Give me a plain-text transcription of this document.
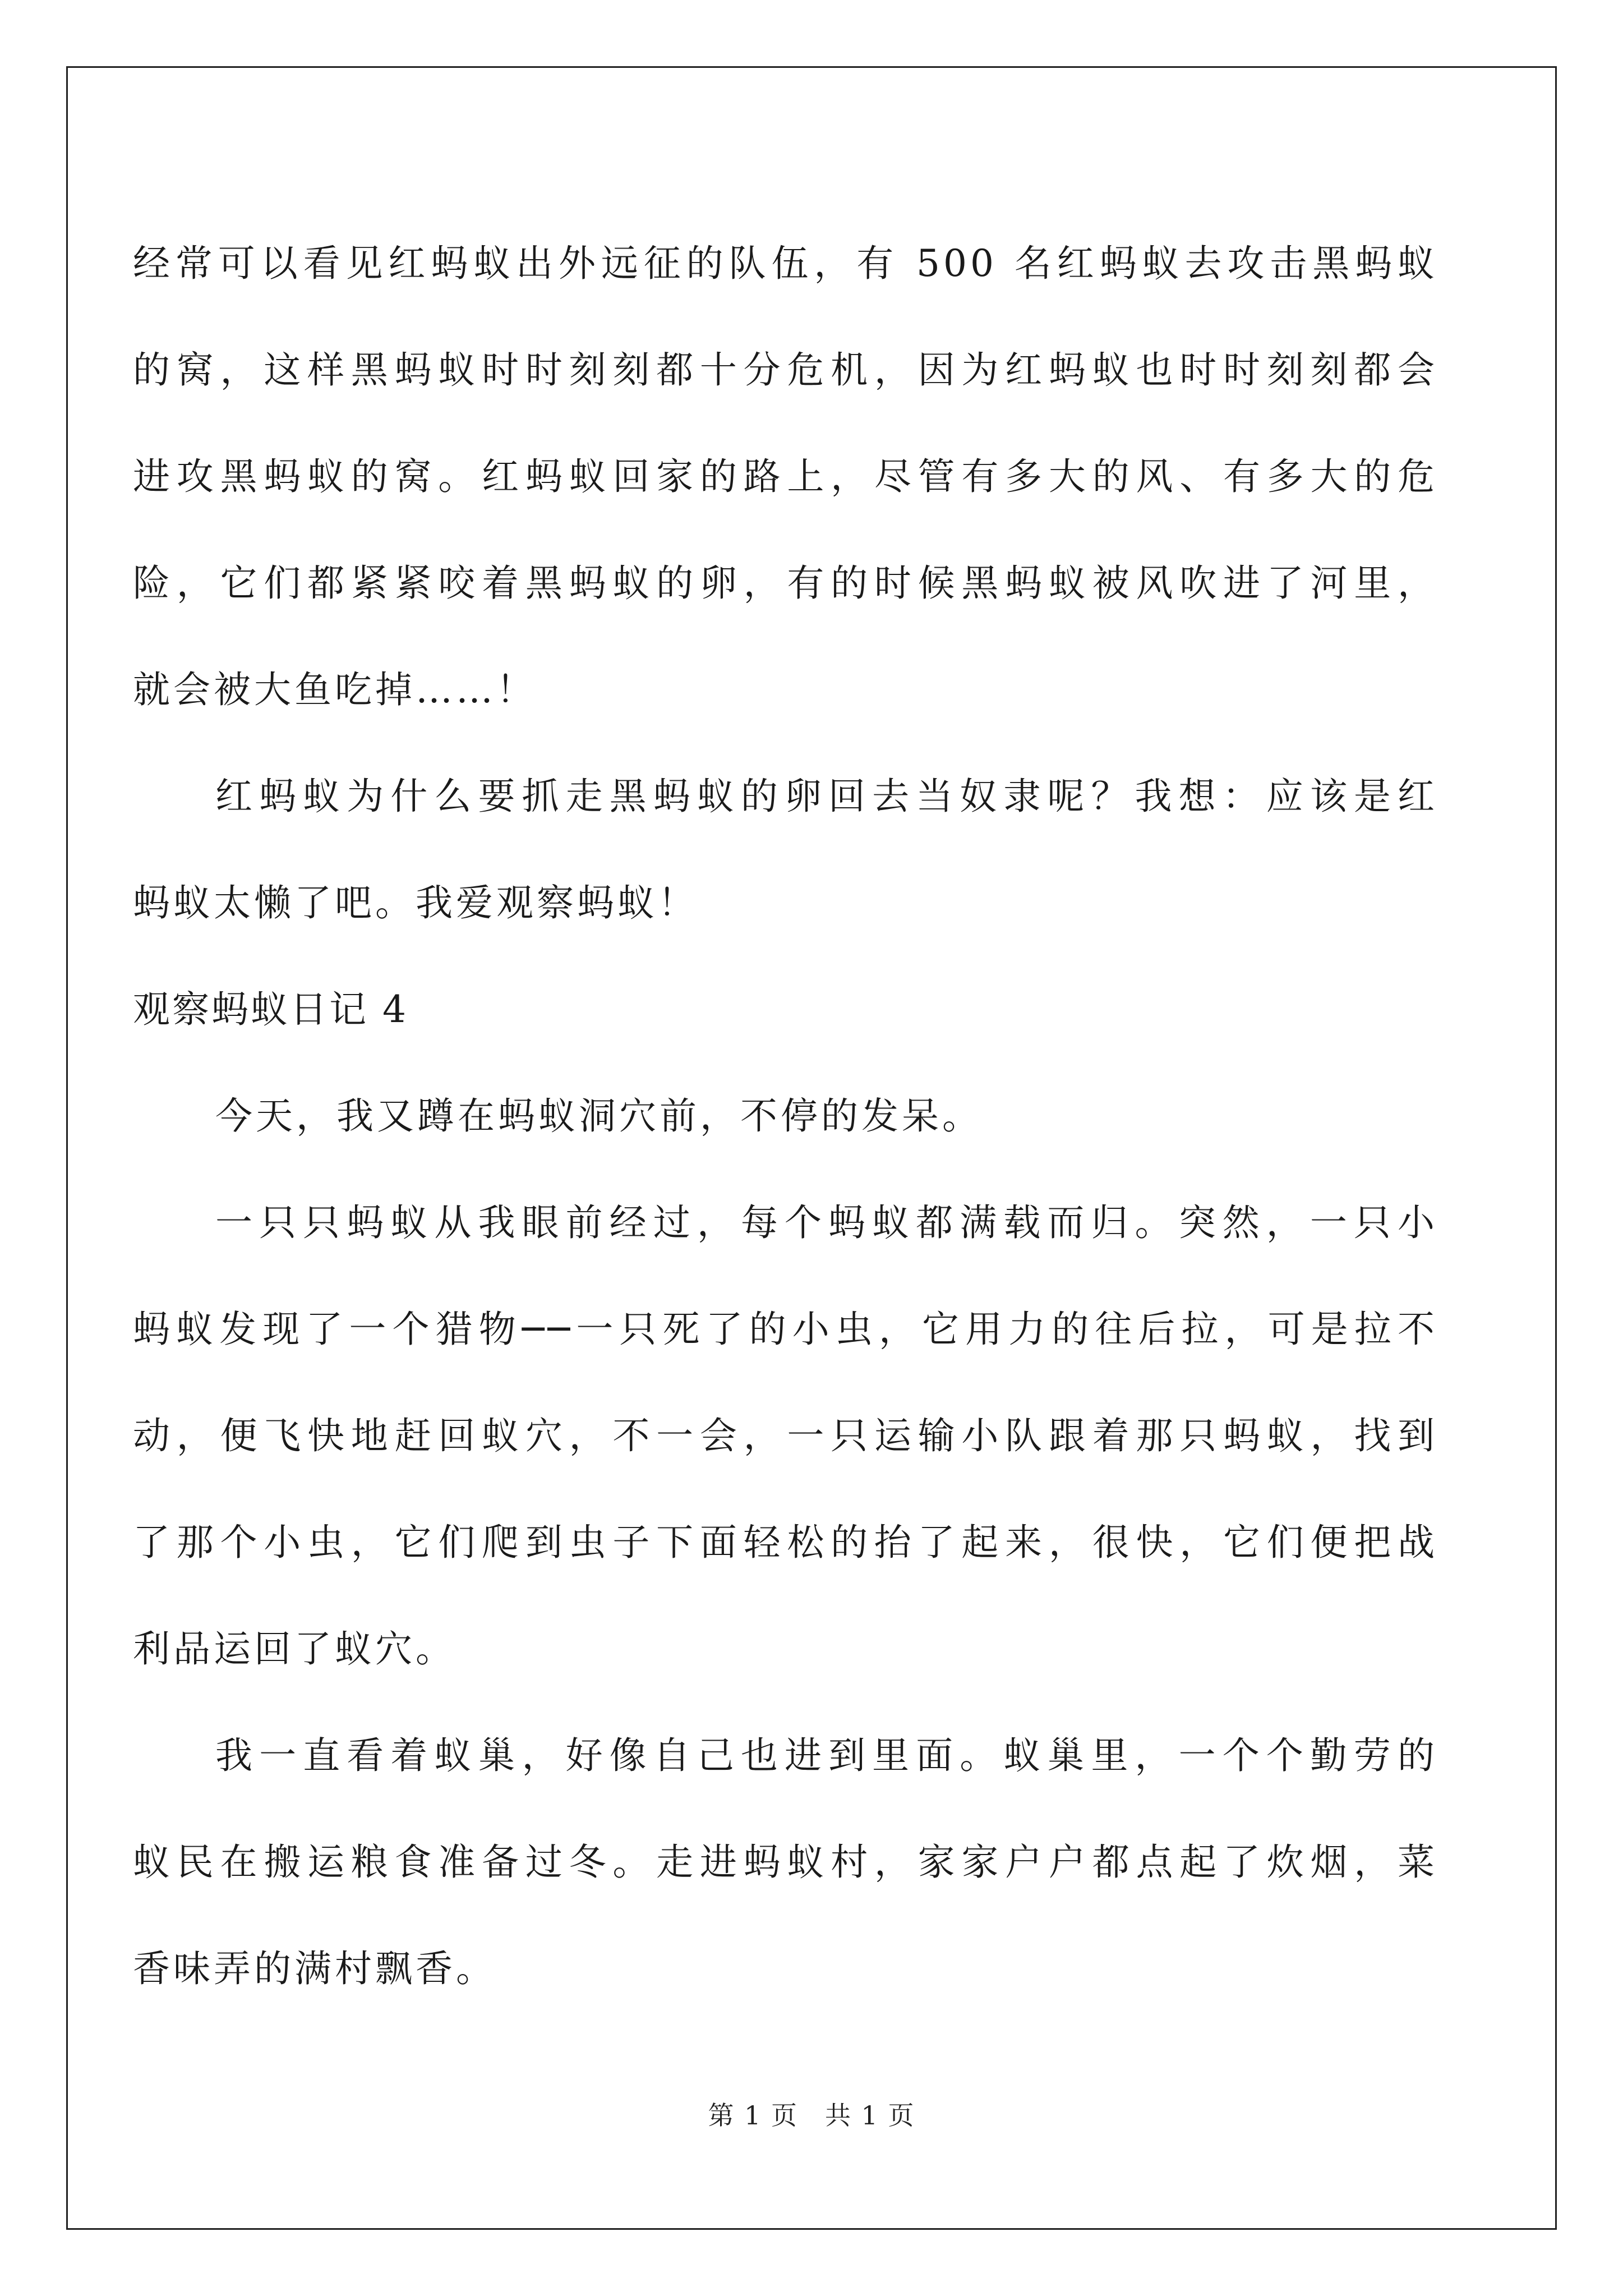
经常可以看见红蚂蚁出外远征的队伍，有 500 名红蚂蚁去攻击黑蚂蚁
的窝，这样黑蚂蚁时时刻刻都十分危机，因为红蚂蚁也时时刻刻都会
进攻黑蚂蚁的窝。红蚂蚁回家的路上，尽管有多大的风、有多大的危
险，它们都紧紧咬着黑蚂蚁的卵，有的时候黑蚂蚁被风吹进了河里，
就会被大鱼吃掉……！
红蚂蚁为什么要抓走黑蚂蚁的卵回去当奴隶呢？我想：应该是红
蚂蚁太懒了吧。我爱观察蚂蚁！
观察蚂蚁日记 4
今天，我又蹲在蚂蚁洞穴前，不停的发呆。
一只只蚂蚁从我眼前经过，每个蚂蚁都满载而归。突然，一只小
蚂蚁发现了一个猎物──一只死了的小虫，它用力的往后拉，可是拉不
动，便飞快地赶回蚁穴，不一会，一只运输小队跟着那只蚂蚁，找到
了那个小虫，它们爬到虫子下面轻松的抬了起来，很快，它们便把战
利品运回了蚁穴。
我一直看着蚁巢，好像自己也进到里面。蚁巢里，一个个勤劳的
蚁民在搬运粮食准备过冬。走进蚂蚁村，家家户户都点起了炊烟，菜
香味弄的满村飘香。
第 1 页　共 1 页
